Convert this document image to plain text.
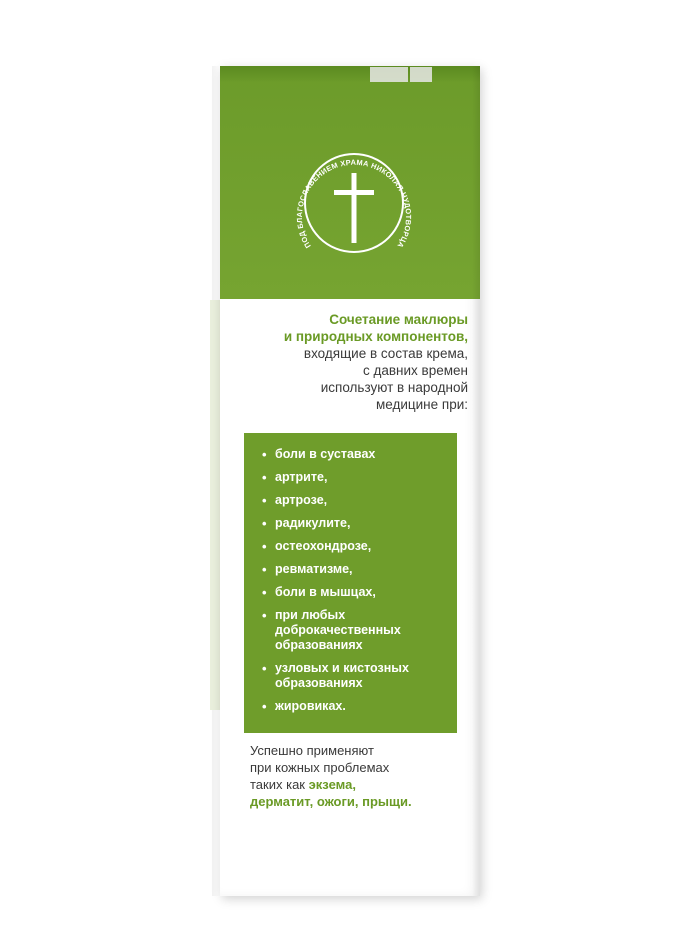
ПОД БЛАГОСЛАВЕНИЕМ ХРАМА НИКОЛАЯ ЧУДОТВОРЦА
Сочетание маклюры
и природных компонентов,
входящие в состав крема,
с давних времен
используют в народной
медицине при:
• боли в суставах
• артрите,
• артрозе,
• радикулите,
• остеохондрозе,
• ревматизме,
• боли в мышцах,
• при любых доброкачественных образованиях
• узловых и кистозных образованиях
• жировиках.
Успешно применяют
при кожных проблемах
таких как экзема,
дерматит, ожоги, прыщи.
